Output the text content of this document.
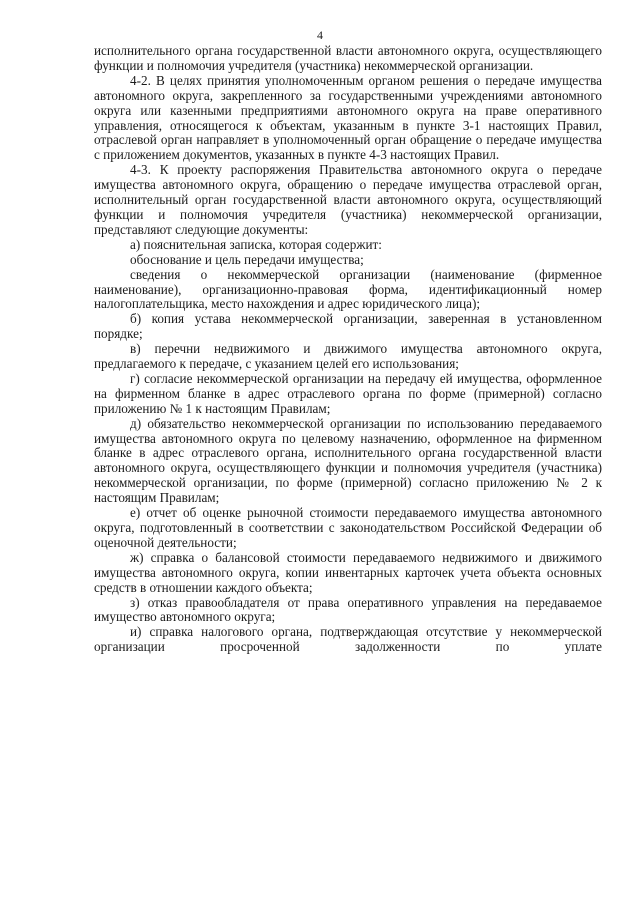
4

исполнительного органа государственной власти автономного округа, осуществляющего функции и полномочия учредителя (участника) некоммерческой организации.

4-2. В целях принятия уполномоченным органом решения о передаче имущества автономного округа, закрепленного за государственными учреждениями автономного округа или казенными предприятиями автономного округа на праве оперативного управления, относящегося к объектам, указанным в пункте 3-1 настоящих Правил, отраслевой орган направляет в уполномоченный орган обращение о передаче имущества с приложением документов, указанных в пункте 4-3 настоящих Правил.

4-3. К проекту распоряжения Правительства автономного округа о передаче имущества автономного округа, обращению о передаче имущества отраслевой орган, исполнительный орган государственной власти автономного округа, осуществляющий функции и полномочия учредителя (участника) некоммерческой организации, представляют следующие документы:

а) пояснительная записка, которая содержит:

обоснование и цель передачи имущества;

сведения о некоммерческой организации (наименование (фирменное наименование), организационно-правовая форма, идентификационный номер налогоплательщика, место нахождения и адрес юридического лица);

б) копия устава некоммерческой организации, заверенная в установленном порядке;

в) перечни недвижимого и движимого имущества автономного округа, предлагаемого к передаче, с указанием целей его использования;

г) согласие некоммерческой организации на передачу ей имущества, оформленное на фирменном бланке в адрес отраслевого органа по форме (примерной) согласно приложению № 1 к настоящим Правилам;

д) обязательство некоммерческой организации по использованию передаваемого имущества автономного округа по целевому назначению, оформленное на фирменном бланке в адрес отраслевого органа, исполнительного органа государственной власти автономного округа, осуществляющего функции и полномочия учредителя (участника) некоммерческой организации, по форме (примерной) согласно приложению № 2 к настоящим Правилам;

е) отчет об оценке рыночной стоимости передаваемого имущества автономного округа, подготовленный в соответствии с законодательством Российской Федерации об оценочной деятельности;

ж) справка о балансовой стоимости передаваемого недвижимого и движимого имущества автономного округа, копии инвентарных карточек учета объекта основных средств в отношении каждого объекта;

з) отказ правообладателя от права оперативного управления на передаваемое имущество автономного округа;

и) справка налогового органа, подтверждающая отсутствие у некоммерческой организации просроченной задолженности по уплате
